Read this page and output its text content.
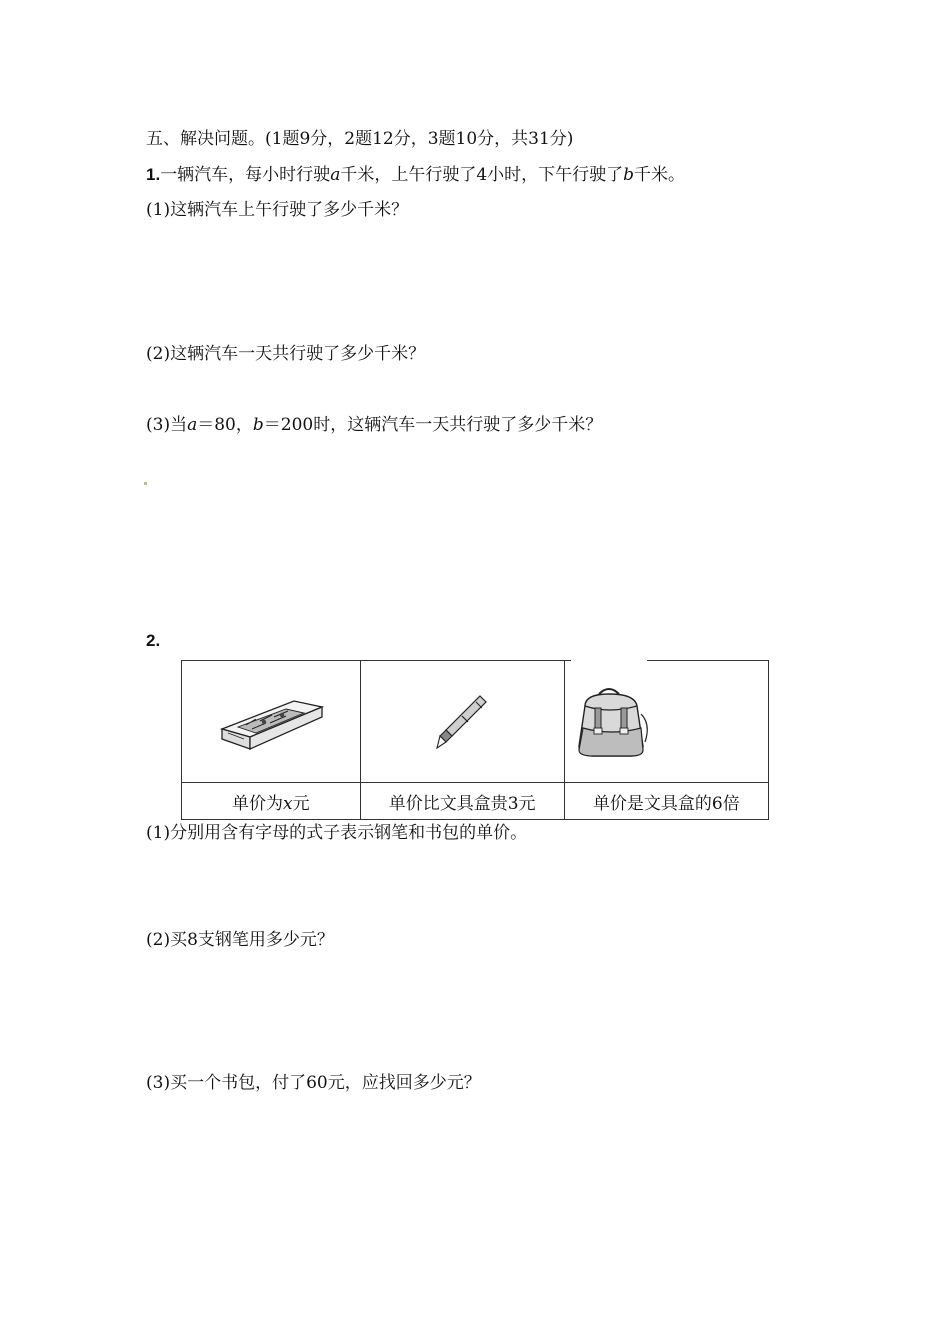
五、解决问题。(1题9分，2题12分，3题10分，共31分)
1.一辆汽车，每小时行驶a千米，上午行驶了4小时，下午行驶了b千米。
(1)这辆汽车上午行驶了多少千米？
(2)这辆汽车一天共行驶了多少千米？
(3)当a＝80，b＝200时，这辆汽车一天共行驶了多少千米？
2.

单价为x元	单价比文具盒贵3元	单价是文具盒的6倍
(1)分别用含有字母的式子表示钢笔和书包的单价。
(2)买8支钢笔用多少元？
(3)买一个书包，付了60元，应找回多少元？
